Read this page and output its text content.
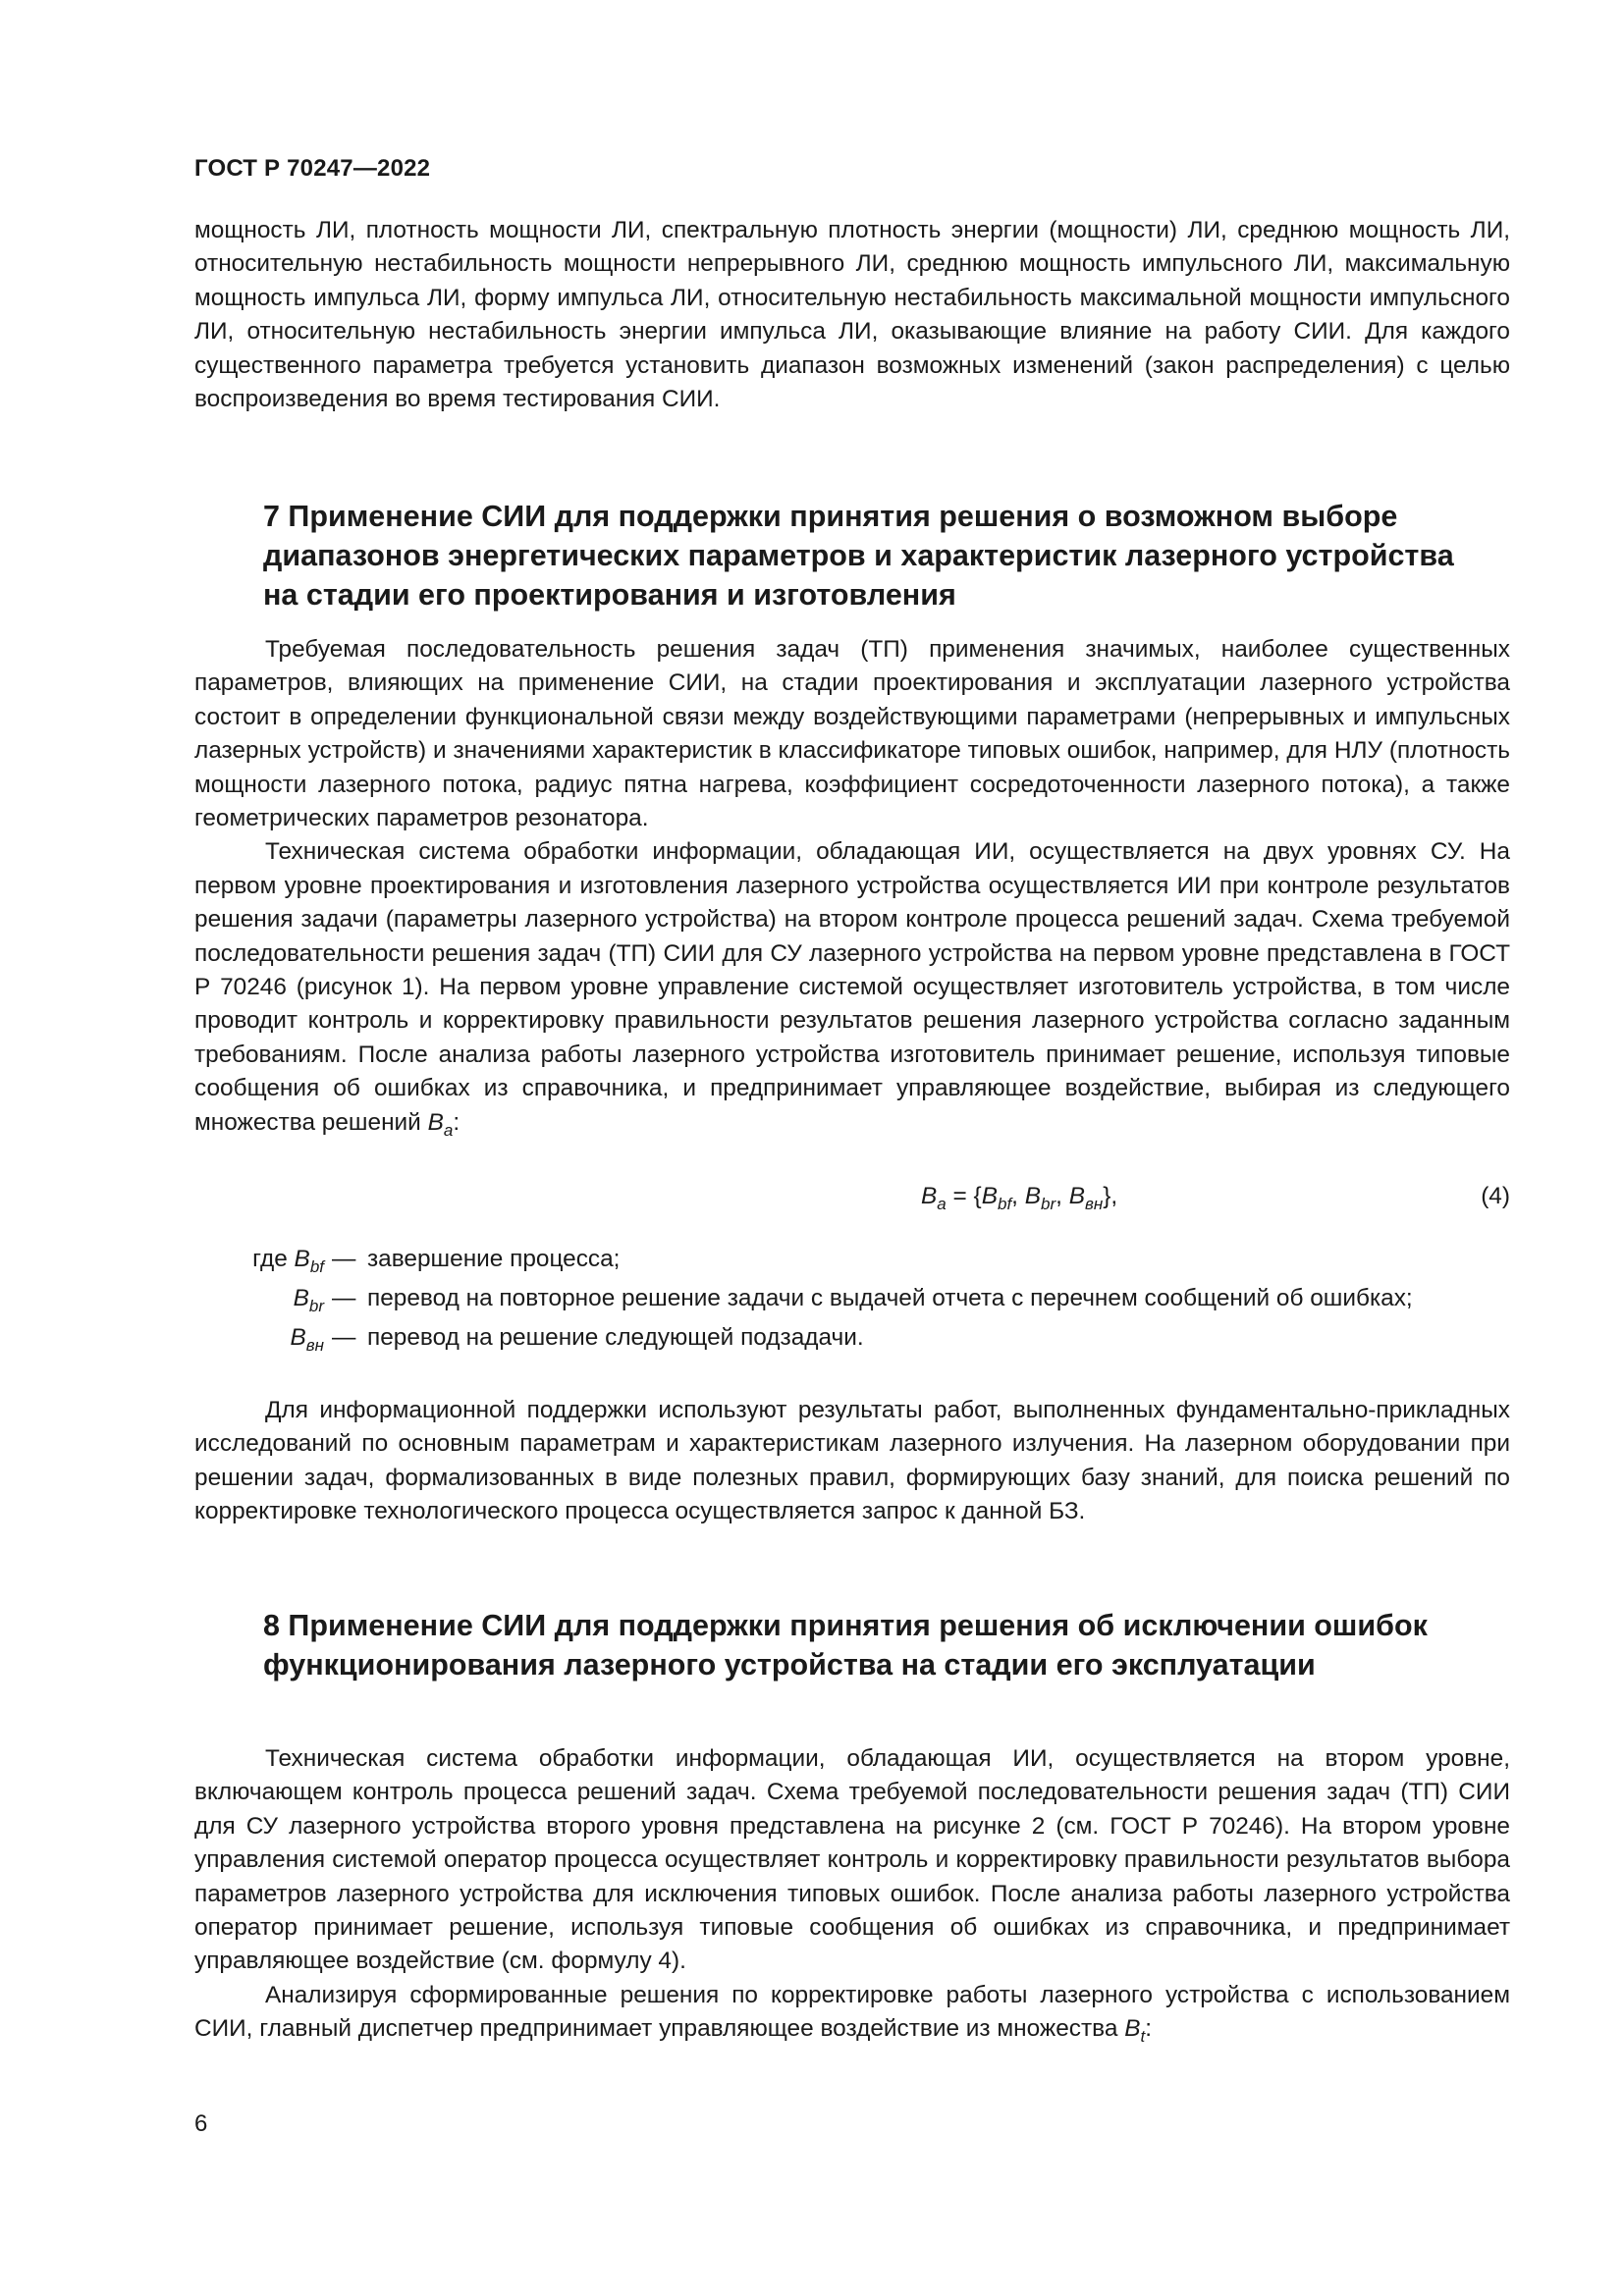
ГОСТ Р 70247—2022

мощность ЛИ, плотность мощности ЛИ, спектральную плотность энергии (мощности) ЛИ, среднюю мощность ЛИ, относительную нестабильность мощности непрерывного ЛИ, среднюю мощность импульсного ЛИ, максимальную мощность импульса ЛИ, форму импульса ЛИ, относительную нестабильность максимальной мощности импульсного ЛИ, относительную нестабильность энергии импульса ЛИ, оказывающие влияние на работу СИИ. Для каждого существенного параметра требуется установить диапазон возможных изменений (закон распределения) с целью воспроизведения во время тестирования СИИ.

7 Применение СИИ для поддержки принятия решения о возможном выборе диапазонов энергетических параметров и характеристик лазерного устройства на стадии его проектирования и изготовления

Требуемая последовательность решения задач (ТП) применения значимых, наиболее существенных параметров, влияющих на применение СИИ, на стадии проектирования и эксплуатации лазерного устройства состоит в определении функциональной связи между воздействующими параметрами (непрерывных и импульсных лазерных устройств) и значениями характеристик в классификаторе типовых ошибок, например, для НЛУ (плотность мощности лазерного потока, радиус пятна нагрева, коэффициент сосредоточенности лазерного потока), а также геометрических параметров резонатора.

Техническая система обработки информации, обладающая ИИ, осуществляется на двух уровнях СУ. На первом уровне проектирования и изготовления лазерного устройства осуществляется ИИ при контроле результатов решения задачи (параметры лазерного устройства) на втором контроле процесса решений задач. Схема требуемой последовательности решения задач (ТП) СИИ для СУ лазерного устройства на первом уровне представлена в ГОСТ Р 70246 (рисунок 1). На первом уровне управление системой осуществляет изготовитель устройства, в том числе проводит контроль и корректировку правильности результатов решения лазерного устройства согласно заданным требованиям. После анализа работы лазерного устройства изготовитель принимает решение, используя типовые сообщения об ошибках из справочника, и предпринимает управляющее воздействие, выбирая из следующего множества решений $B_a$:

$B_a = \{B_{bf}$, $B_{br}$, $B_{вн}$},	(4)
где $B_{bf}$ — завершение процесса;
$B_{br}$ — перевод на повторное решение задачи с выдачей отчета с перечнем сообщений об ошибках;
$B_{вн}$ — перевод на решение следующей подзадачи.

Для информационной поддержки используют результаты работ, выполненных фундаментально-прикладных исследований по основным параметрам и характеристикам лазерного излучения. На лазерном оборудовании при решении задач, формализованных в виде полезных правил, формирующих базу знаний, для поиска решений по корректировке технологического процесса осуществляется запрос к данной БЗ.

8 Применение СИИ для поддержки принятия решения об исключении ошибок функционирования лазерного устройства на стадии его эксплуатации

Техническая система обработки информации, обладающая ИИ, осуществляется на втором уровне, включающем контроль процесса решений задач. Схема требуемой последовательности решения задач (ТП) СИИ для СУ лазерного устройства второго уровня представлена на рисунке 2 (см. ГОСТ Р 70246). На втором уровне управления системой оператор процесса осуществляет контроль и корректировку правильности результатов выбора параметров лазерного устройства для исключения типовых ошибок. После анализа работы лазерного устройства оператор принимает решение, используя типовые сообщения об ошибках из справочника, и предпринимает управляющее воздействие (см. формулу 4).

Анализируя сформированные решения по корректировке работы лазерного устройства с использованием СИИ, главный диспетчер предпринимает управляющее воздействие из множества $B_t$:

6
